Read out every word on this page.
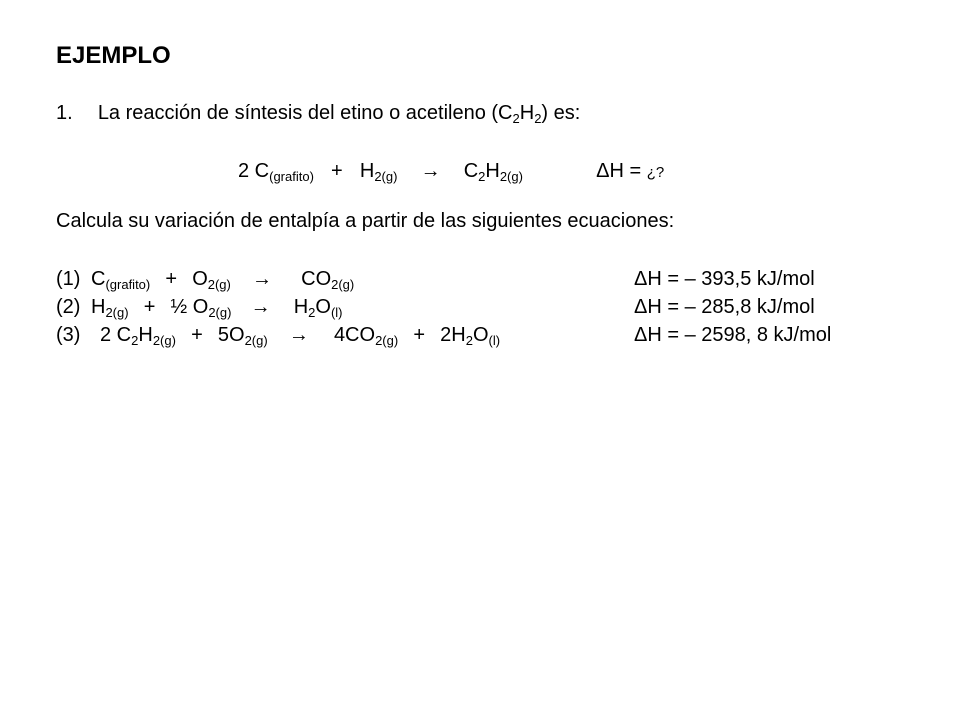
EJEMPLO
1. La reacción de síntesis del etino o acetileno $(C_2H_2)$ es:
2 $C_{(grafito)} + H_{2(g)} \to C_2H_{2(g)}$	ΔH = ¿?
Calcula su variación de entalpía a partir de las siguientes ecuaciones:
(1) $C_{(grafito)} + O_{2(g)} \to CO_{2(g)}$	ΔH = – 393,5 kJ/mol
(2) $H_{2(g)}$ + ½ $O_{2(g)} \to H_2O_{(l)}$	ΔH = – 285,8 kJ/mol
(3) 2 $C_2H_{2(g)} + 5O_{2(g)} \to 4CO_{2(g)} + 2H_2O_{(l)}$	ΔH = – 2598, 8 kJ/mol
